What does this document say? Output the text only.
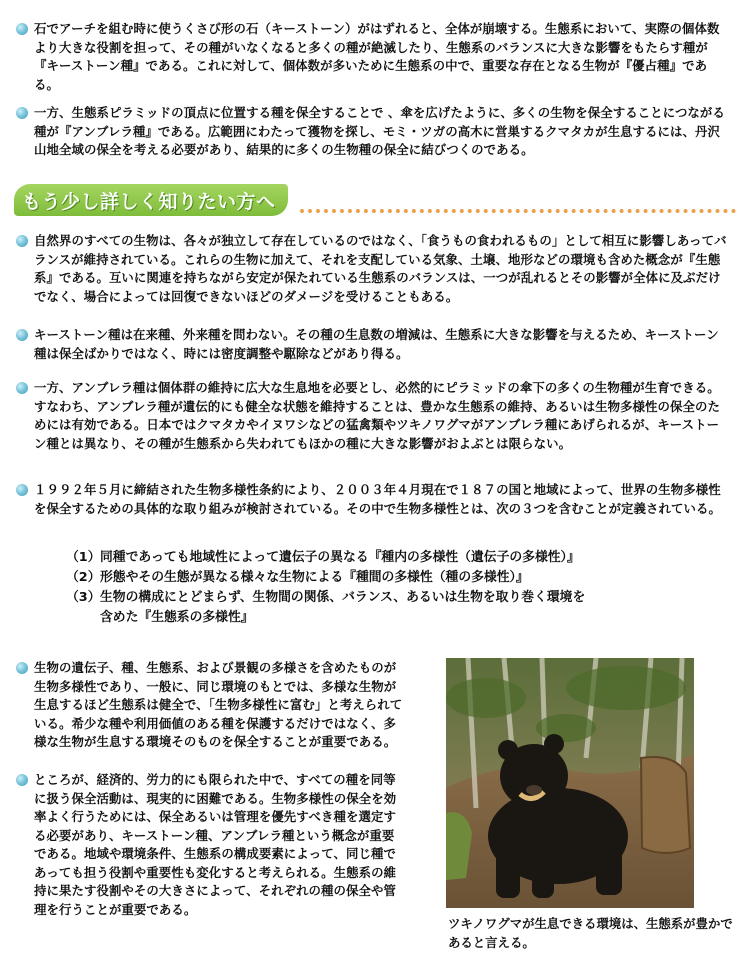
石でアーチを組む時に使うくさび形の石（キーストーン）がはずれると、全体が崩壊する。生態系において、実際の個体数より大きな役割を担って、その種がいなくなると多くの種が絶滅したり、生態系のバランスに大きな影響をもたらす種が『キーストーン種』である。これに対して、個体数が多いために生態系の中で、重要な存在となる生物が『優占種』である。

一方、生態系ピラミッドの頂点に位置する種を保全することで 、傘を広げたように、多くの生物を保全することにつながる種が『アンブレラ種』である。広範囲にわたって獲物を探し、モミ・ツガの高木に営巣するクマタカが生息するには、丹沢山地全域の保全を考える必要があり、結果的に多くの生物種の保全に結びつくのである。

もう少し詳しく知りたい方へ

自然界のすべての生物は、各々が独立して存在しているのではなく、「食うもの食われるもの」として相互に影響しあってバランスが維持されている。これらの生物に加えて、それを支配している気象、土壌、地形などの環境も含めた概念が『生態系』である。互いに関連を持ちながら安定が保たれている生態系のバランスは、一つが乱れるとその影響が全体に及ぶだけでなく、場合によっては回復できないほどのダメージを受けることもある。

キーストーン種は在来種、外来種を問わない。その種の生息数の増減は、生態系に大きな影響を与えるため、キーストーン種は保全ばかりではなく、時には密度調整や駆除などがあり得る。

一方、アンブレラ種は個体群の維持に広大な生息地を必要とし、必然的にピラミッドの傘下の多くの生物種が生育できる。すなわち、アンブレラ種が遺伝的にも健全な状態を維持することは、豊かな生態系の維持、あるいは生物多様性の保全のためには有効である。日本ではクマタカやイヌワシなどの猛禽類やツキノワグマがアンブレラ種にあげられるが、キーストーン種とは異なり、その種が生態系から失われてもほかの種に大きな影響がおよぶとは限らない。

１９９２年５月に締結された生物多様性条約により、２００３年４月現在で１８７の国と地域によって、世界の生物多様性を保全するための具体的な取り組みが検討されている。その中で生物多様性とは、次の３つを含むことが定義されている。

（1） 同種であっても地域性によって遺伝子の異なる『種内の多様性（遺伝子の多様性）』
（2） 形態やその生態が異なる様々な生物による『種間の多様性（種の多様性）』
（3） 生物の構成にとどまらず、生物間の関係、バランス、あるいは生物を取り巻く環境を
含めた『生態系の多様性』

生物の遺伝子、種、生態系、および景観の多様さを含めたものが生物多様性であり、一般に、同じ環境のもとでは、多様な生物が生息するほど生態系は健全で、「生物多様性に富む」と考えられている。希少な種や利用価値のある種を保護するだけではなく、多様な生物が生息する環境そのものを保全することが重要である。

ところが、経済的、労力的にも限られた中で、すべての種を同等に扱う保全活動は、現実的に困難である。生物多様性の保全を効率よく行うためには、保全あるいは管理を優先すべき種を選定する必要があり、キーストーン種、アンブレラ種という概念が重要である。地域や環境条件、生態系の構成要素によって、同じ種であっても担う役割や重要性も変化すると考えられる。生態系の維持に果たす役割やその大きさによって、それぞれの種の保全や管理を行うことが重要である。

ツキノワグマが生息できる環境は、生態系が豊かであると言える。
